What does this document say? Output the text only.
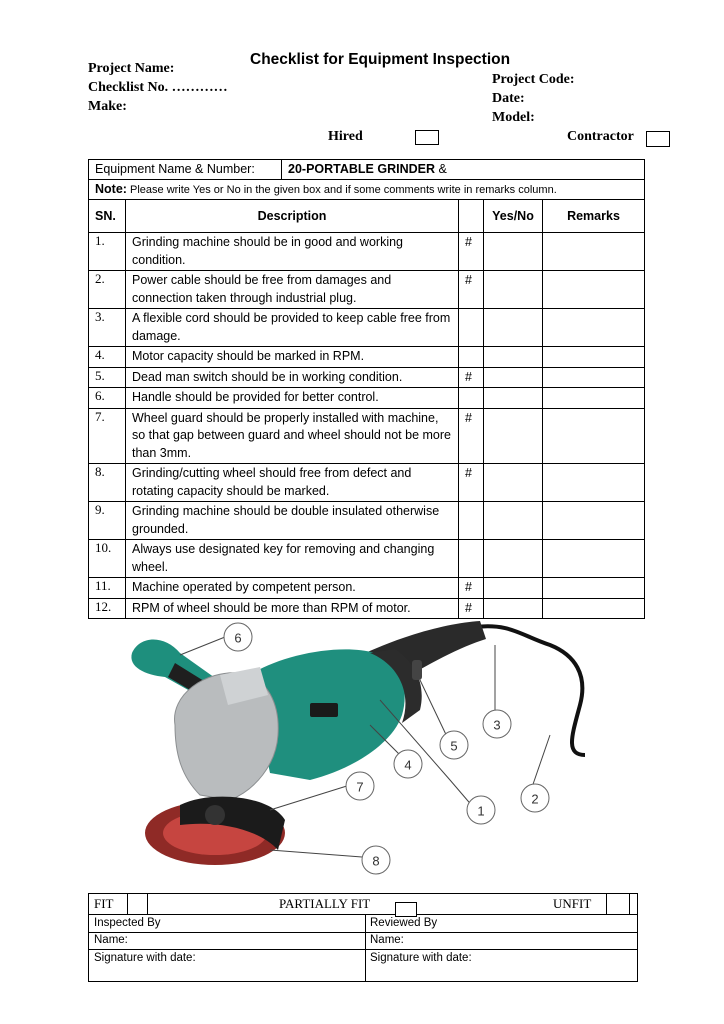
Checklist for Equipment Inspection
Project Name:
Checklist No. …………
Make:
Project Code:
Date:
Model:
Hired	Contractor
Equipment Name & Number: 20-PORTABLE GRINDER &				

Note: Please write Yes or No in the given box and if some comments write in remarks column.				
SN.	Description		Yes/No	Remarks
1.	Grinding machine should be in good and working condition.	#		
2.	Power cable should be free from damages and connection taken through industrial plug.	#		
3.	A flexible cord should be provided to keep cable free from damage.			
4.	Motor capacity should be marked in RPM.			
5.	Dead man switch should be in working condition.	#		
6.	Handle should be provided for better control.			
7.	Wheel guard should be properly installed with machine, so that gap between guard and wheel should not be more than 3mm.	#		
8.	Grinding/cutting wheel should free from defect and rotating capacity should be marked.	#		
9.	Grinding machine should be double insulated otherwise grounded.			
10.	Always use designated key for removing and changing wheel.			
11.	Machine operated by competent person.	#		
12.	RPM of wheel should be more than RPM of motor.	#		
1
2
3
4
5
6
7
8
FIT	PARTIALLY FIT	UNFIT
Inspected By	Reviewed By
Name:	Name:
Signature with date:	Signature with date:
